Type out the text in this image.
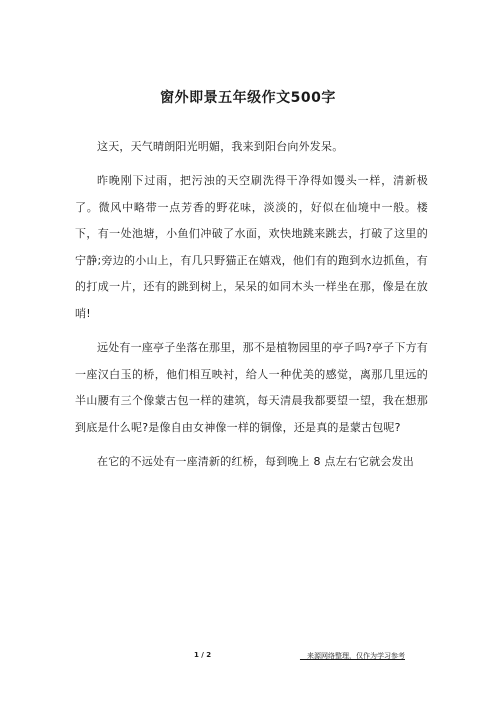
窗外即景五年级作文500字

这天，天气晴朗阳光明媚，我来到阳台向外发呆。

昨晚刚下过雨，把污浊的天空刷洗得干净得如馒头一样，清新极了。微风中略带一点芳香的野花味，淡淡的，好似在仙境中一般。楼下，有一处池塘，小鱼们冲破了水面，欢快地跳来跳去，打破了这里的宁静;旁边的小山上，有几只野猫正在嬉戏，他们有的跑到水边抓鱼，有的打成一片，还有的跳到树上，呆呆的如同木头一样坐在那，像是在放哨!

远处有一座亭子坐落在那里，那不是植物园里的亭子吗?亭子下方有一座汉白玉的桥，他们相互映衬，给人一种优美的感觉，离那几里远的半山腰有三个像蒙古包一样的建筑，每天清晨我都要望一望，我在想那到底是什么呢?是像自由女神像一样的铜像，还是真的是蒙古包呢?

在它的不远处有一座清新的红桥，每到晚上 8 点左右它就会发出

1 / 2	__来源网络整理，仅作为学习参考
